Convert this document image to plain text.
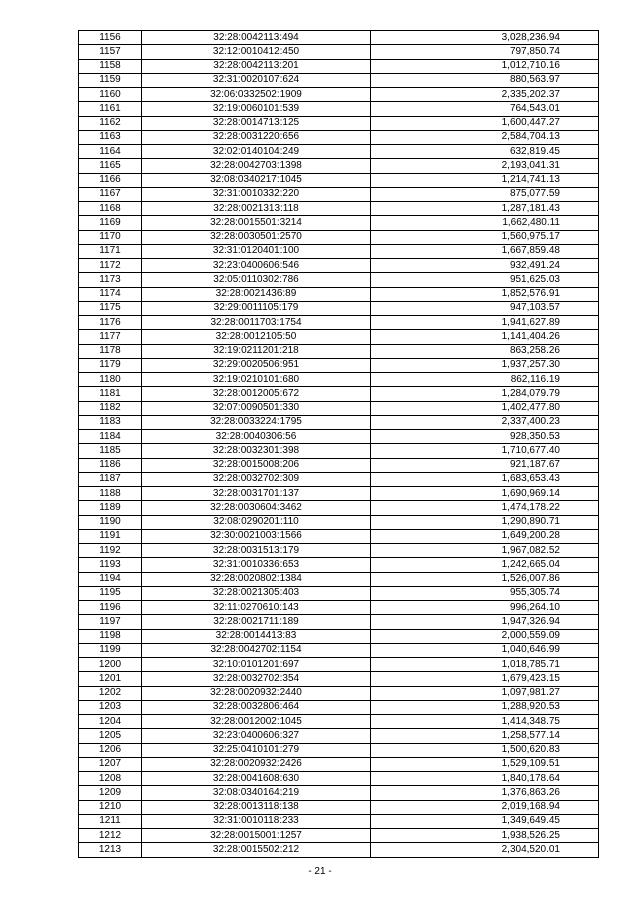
1156	32:28:0042113:494	3,028,236.94
1157	32:12:0010412:450	797,850.74
1158	32:28:0042113:201	1,012,710.16
1159	32:31:0020107:624	880,563.97
1160	32:06:0332502:1909	2,335,202.37
1161	32:19:0060101:539	764,543.01
1162	32:28:0014713:125	1,600,447.27
1163	32:28:0031220:656	2,584,704.13
1164	32:02:0140104:249	632,819.45
1165	32:28:0042703:1398	2,193,041.31
1166	32:08:0340217:1045	1,214,741.13
1167	32:31:0010332:220	875,077.59
1168	32:28:0021313:118	1,287,181.43
1169	32:28:0015501:3214	1,662,480.11
1170	32:28:0030501:2570	1,560,975.17
1171	32:31:0120401:100	1,667,859.48
1172	32:23:0400606:546	932,491.24
1173	32:05:0110302:786	951,625.03
1174	32:28:0021436:89	1,852,576.91
1175	32:29:0011105:179	947,103.57
1176	32:28:0011703:1754	1,941,627.89
1177	32:28:0012105:50	1,141,404.26
1178	32:19:0211201:218	863,258.26
1179	32:29:0020506:951	1,937,257.30
1180	32:19:0210101:680	862,116.19
1181	32:28:0012005:672	1,284,079.79
1182	32:07:0090501:330	1,402,477.80
1183	32:28:0033224:1795	2,337,400.23
1184	32:28:0040306:56	928,350.53
1185	32:28:0032301:398	1,710,677.40
1186	32:28:0015008:206	921,187.67
1187	32:28:0032702:309	1,683,653.43
1188	32:28:0031701:137	1,690,969.14
1189	32:28:0030604:3462	1,474,178.22
1190	32:08:0290201:110	1,290,890.71
1191	32:30:0021003:1566	1,649,200.28
1192	32:28:0031513:179	1,967,082.52
1193	32:31:0010336:653	1,242,665.04
1194	32:28:0020802:1384	1,526,007.86
1195	32:28:0021305:403	955,305.74
1196	32:11:0270610:143	996,264.10
1197	32:28:0021711:189	1,947,326.94
1198	32:28:0014413:83	2,000,559.09
1199	32:28:0042702:1154	1,040,646.99
1200	32:10:0101201:697	1,018,785.71
1201	32:28:0032702:354	1,679,423.15
1202	32:28:0020932:2440	1,097,981.27
1203	32:28:0032806:464	1,288,920.53
1204	32:28:0012002:1045	1,414,348.75
1205	32:23:0400606:327	1,258,577.14
1206	32:25:0410101:279	1,500,620.83
1207	32:28:0020932:2426	1,529,109.51
1208	32:28:0041608:630	1,840,178.64
1209	32:08:0340164:219	1,376,863.26
1210	32:28:0013118:138	2,019,168.94
1211	32:31:0010118:233	1,349,649.45
1212	32:28:0015001:1257	1,938,526.25
1213	32:28:0015502:212	2,304,520.01
- 21 -
